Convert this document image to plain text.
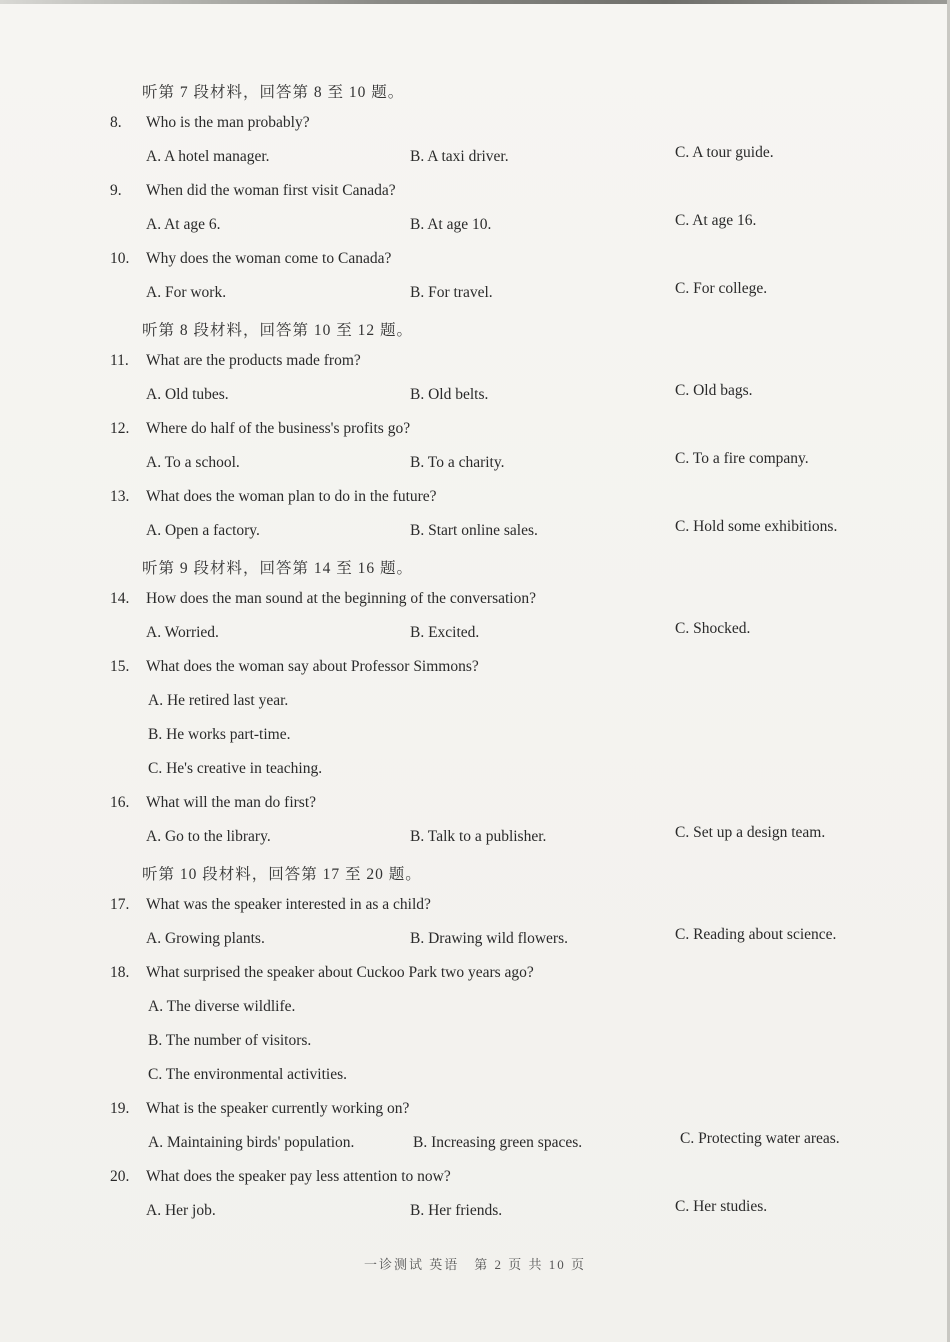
听第 7 段材料，回答第 8 至 10 题。
8. Who is the man probably?
A. A hotel manager.	B. A taxi driver.	C. A tour guide.
9. When did the woman first visit Canada?
A. At age 6.	B. At age 10.	C. At age 16.
10. Why does the woman come to Canada?
A. For work.	B. For travel.	C. For college.
听第 8 段材料，回答第 10 至 12 题。
11. What are the products made from?
A. Old tubes.	B. Old belts.	C. Old bags.
12. Where do half of the business's profits go?
A. To a school.	B. To a charity.	C. To a fire company.
13. What does the woman plan to do in the future?
A. Open a factory.	B. Start online sales.	C. Hold some exhibitions.
听第 9 段材料，回答第 14 至 16 题。
14. How does the man sound at the beginning of the conversation?
A. Worried.	B. Excited.	C. Shocked.
15. What does the woman say about Professor Simmons?
A. He retired last year.
B. He works part-time.
C. He's creative in teaching.
16. What will the man do first?
A. Go to the library.	B. Talk to a publisher.	C. Set up a design team.
听第 10 段材料，回答第 17 至 20 题。
17. What was the speaker interested in as a child?
A. Growing plants.	B. Drawing wild flowers.	C. Reading about science.
18. What surprised the speaker about Cuckoo Park two years ago?
A. The diverse wildlife.
B. The number of visitors.
C. The environmental activities.
19. What is the speaker currently working on?
A. Maintaining birds' population.	B. Increasing green spaces.	C. Protecting water areas.
20. What does the speaker pay less attention to now?
A. Her job.	B. Her friends.	C. Her studies.
一诊测试 英语　第 2 页 共 10 页
